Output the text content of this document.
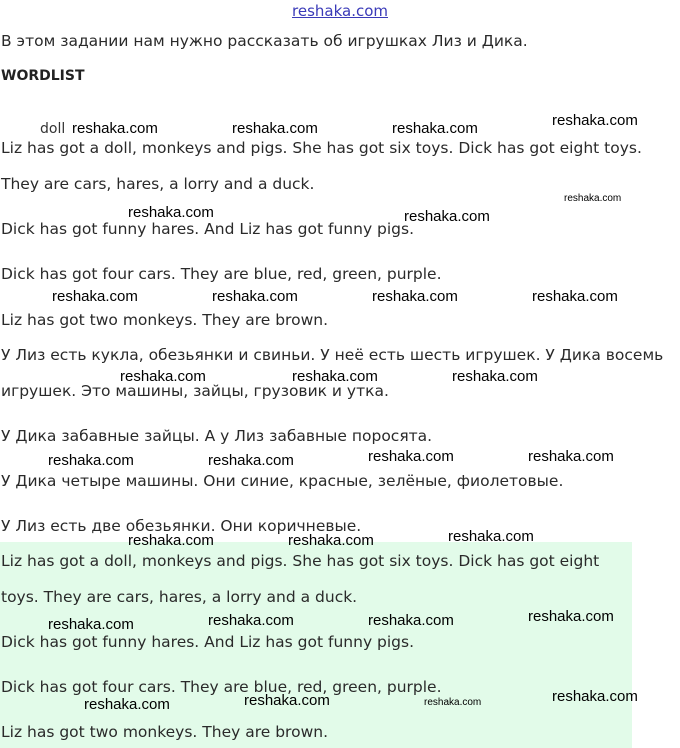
reshaka.com
В этом задании нам нужно рассказать об игрушках Лиз и Дика.
WORDLIST
doll
Liz has got a doll, monkeys and pigs. She has got six toys. Dick has got eight toys.
They are cars, hares, a lorry and a duck.
Dick has got funny hares. And Liz has got funny pigs.
Dick has got four cars. They are blue, red, green, purple.
Liz has got two monkeys. They are brown.
У Лиз есть кукла, обезьянки и свиньи. У неё есть шесть игрушек. У Дика восемь
игрушек. Это машины, зайцы, грузовик и утка.
У Дика забавные зайцы. А у Лиз забавные поросята.
У Дика четыре машины. Они синие, красные, зелёные, фиолетовые.
У Лиз есть две обезьянки. Они коричневые.
Liz has got a doll, monkeys and pigs. She has got six toys. Dick has got eight
toys. They are cars, hares, a lorry and a duck.
Dick has got funny hares. And Liz has got funny pigs.
Dick has got four cars. They are blue, red, green, purple.
Liz has got two monkeys. They are brown.
reshaka.com	reshaka.com	reshaka.com	reshaka.com
reshaka.com
reshaka.com	reshaka.com
reshaka.com	reshaka.com	reshaka.com	reshaka.com
reshaka.com	reshaka.com	reshaka.com
reshaka.com	reshaka.com	reshaka.com	reshaka.com
reshaka.com	reshaka.com	reshaka.com
reshaka.com	reshaka.com	reshaka.com	reshaka.com
reshaka.com	reshaka.com	reshaka.com	reshaka.com
